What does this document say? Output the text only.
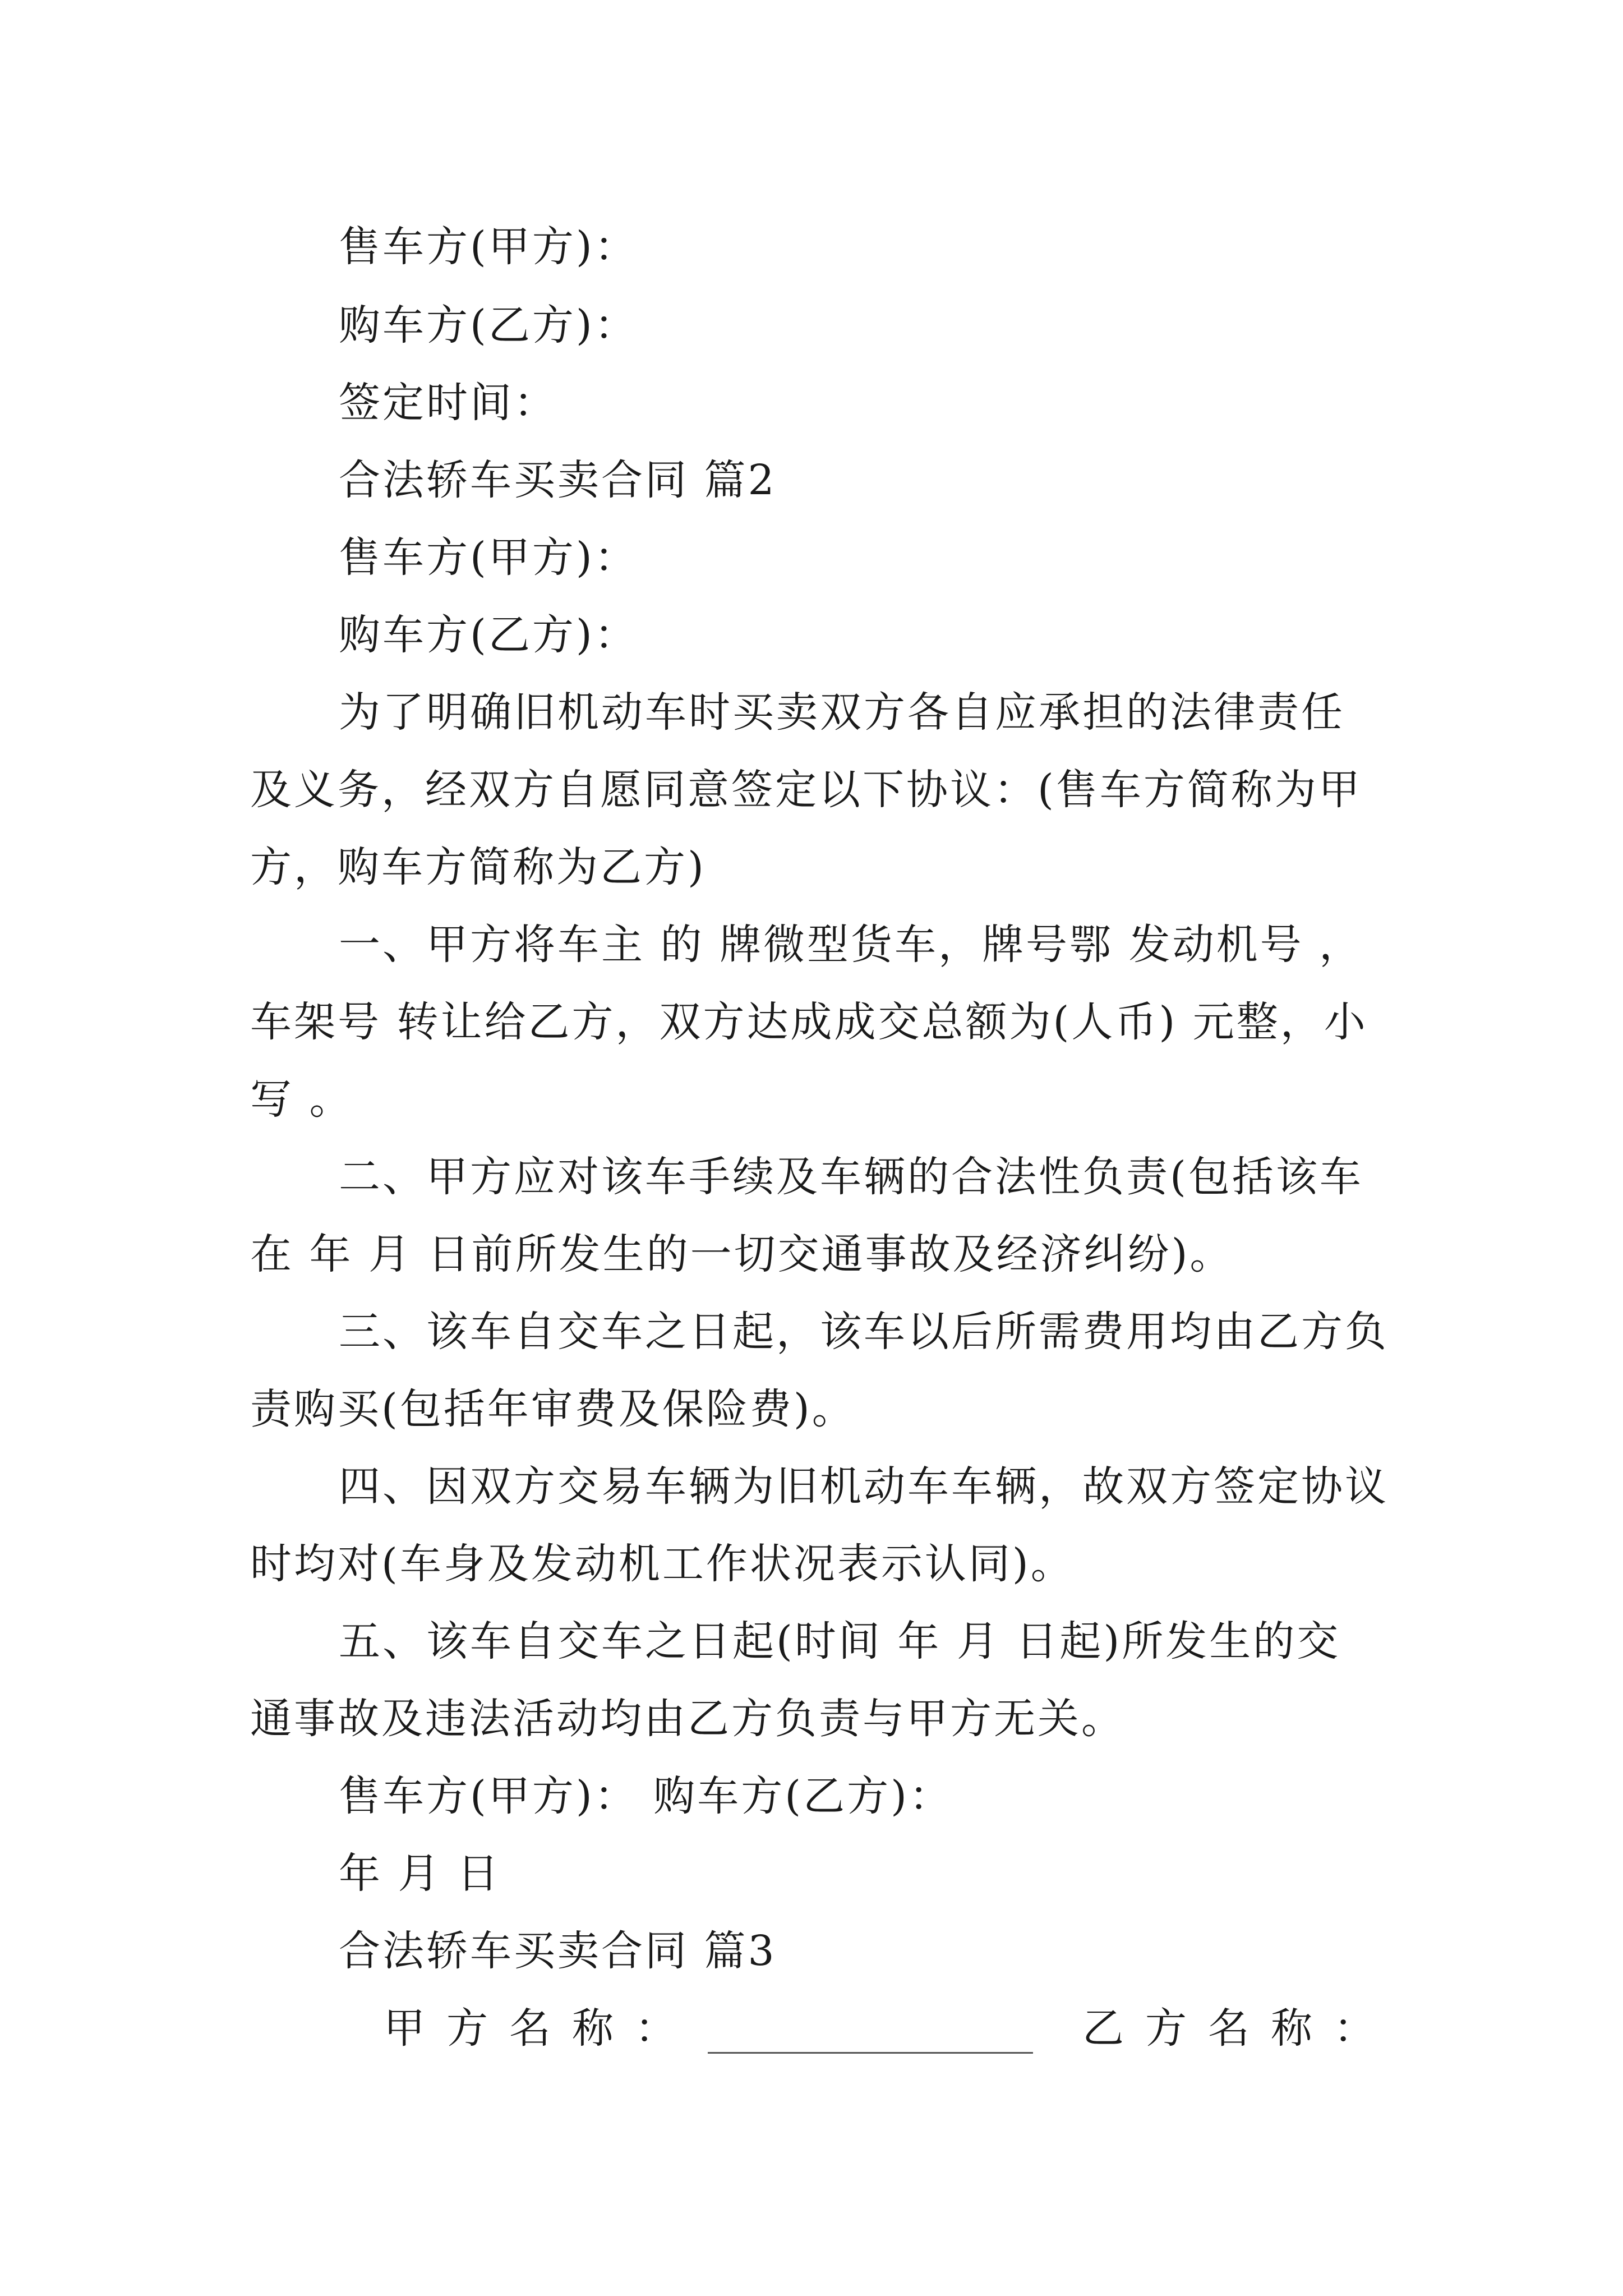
售车方(甲方)：
购车方(乙方)：
签定时间：
合法轿车买卖合同 篇2
售车方(甲方)：
购车方(乙方)：
为了明确旧机动车时买卖双方各自应承担的法律责任
及义务，经双方自愿同意签定以下协议：(售车方简称为甲
方，购车方简称为乙方)
一、甲方将车主 的 牌微型货车，牌号鄂 发动机号 ，
车架号 转让给乙方，双方达成成交总额为(人币) 元整，小
写 。
二、甲方应对该车手续及车辆的合法性负责(包括该车
在 年 月 日前所发生的一切交通事故及经济纠纷)。
三、该车自交车之日起，该车以后所需费用均由乙方负
责购买(包括年审费及保险费)。
四、因双方交易车辆为旧机动车车辆，故双方签定协议
时均对(车身及发动机工作状况表示认同)。
五、该车自交车之日起(时间 年 月 日起)所发生的交
通事故及违法活动均由乙方负责与甲方无关。
售车方(甲方)： 购车方(乙方)：
年 月 日
合法轿车买卖合同 篇3
甲方名称：	乙方名称：
